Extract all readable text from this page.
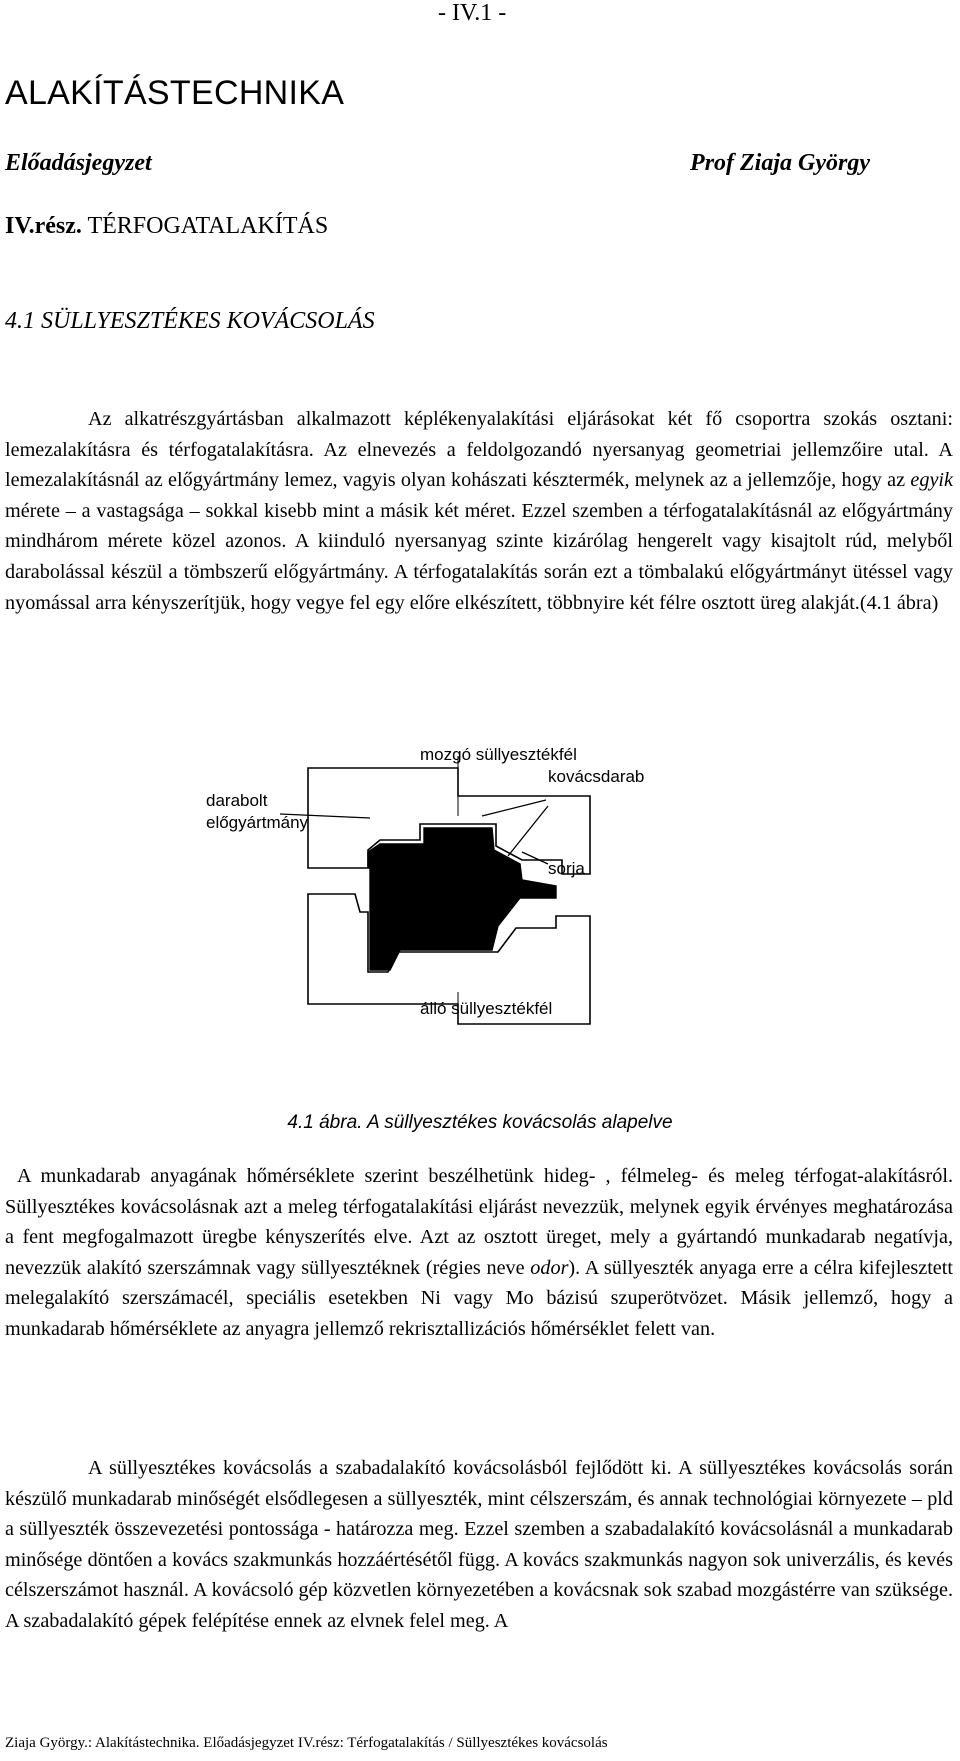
- IV.1 -
ALAKÍTÁSTECHNIKA
Előadásjegyzet	Prof Ziaja György
IV.rész. TÉRFOGATALAKÍTÁS
4.1 SÜLLYESZTÉKES KOVÁCSOLÁS
Az alkatrészgyártásban alkalmazott képlékenyalakítási eljárásokat két fő csoportra szokás osztani: lemezalakításra és térfogatalakításra. Az elnevezés a feldolgozandó nyersanyag geometriai jellemzőire utal. A lemezalakításnál az előgyártmány lemez, vagyis olyan kohászati késztermék, melynek az a jellemzője, hogy az egyik mérete – a vastagsága – sokkal kisebb mint a másik két méret. Ezzel szemben a térfogatalakításnál az előgyártmány mindhárom mérete közel azonos. A kiinduló nyersanyag szinte kizárólag hengerelt vagy kisajtolt rúd, melyből darabolással készül a tömbszerű előgyártmány. A térfogatalakítás során ezt a tömbalakú előgyártmányt ütéssel vagy nyomással arra kényszerítjük, hogy vegye fel egy előre elkészített, többnyire két félre osztott üreg alakját.(4.1 ábra)
mozgó süllyesztékfél
kovácsdarab
darabolt
előgyártmány
sorja
álló süllyesztékfél
4.1 ábra. A süllyesztékes kovácsolás alapelve
A munkadarab anyagának hőmérséklete szerint beszélhetünk hideg- , félmeleg- és meleg térfogat-alakításról. Süllyesztékes kovácsolásnak azt a meleg térfogatalakítási eljárást nevezzük, melynek egyik érvényes meghatározása a fent megfogalmazott üregbe kényszerítés elve. Azt az osztott üreget, mely a gyártandó munkadarab negatívja, nevezzük alakító szerszámnak vagy süllyesztéknek (régies neve odor). A süllyeszték anyaga erre a célra kifejlesztett melegalakító szerszámacél, speciális esetekben Ni vagy Mo bázisú szuperötvözet. Másik jellemző, hogy a munkadarab hőmérséklete az anyagra jellemző rekrisztallizációs hőmérséklet felett van.
A süllyesztékes kovácsolás a szabadalakító kovácsolásból fejlődött ki. A süllyesztékes kovácsolás során készülő munkadarab minőségét elsődlegesen a süllyeszték, mint célszerszám, és annak technológiai környezete – pld a süllyeszték összevezetési pontossága - határozza meg. Ezzel szemben a szabadalakító kovácsolásnál a munkadarab minősége döntően a kovács szakmunkás hozzáértésétől függ. A kovács szakmunkás nagyon sok univerzális, és kevés célszerszámot használ. A kovácsoló gép közvetlen környezetében a kovácsnak sok szabad mozgástérre van szüksége. A szabadalakító gépek felépítése ennek az elvnek felel meg. A
Ziaja György.: Alakítástechnika. Előadásjegyzet IV.rész: Térfogatalakítás / Süllyesztékes kovácsolás
